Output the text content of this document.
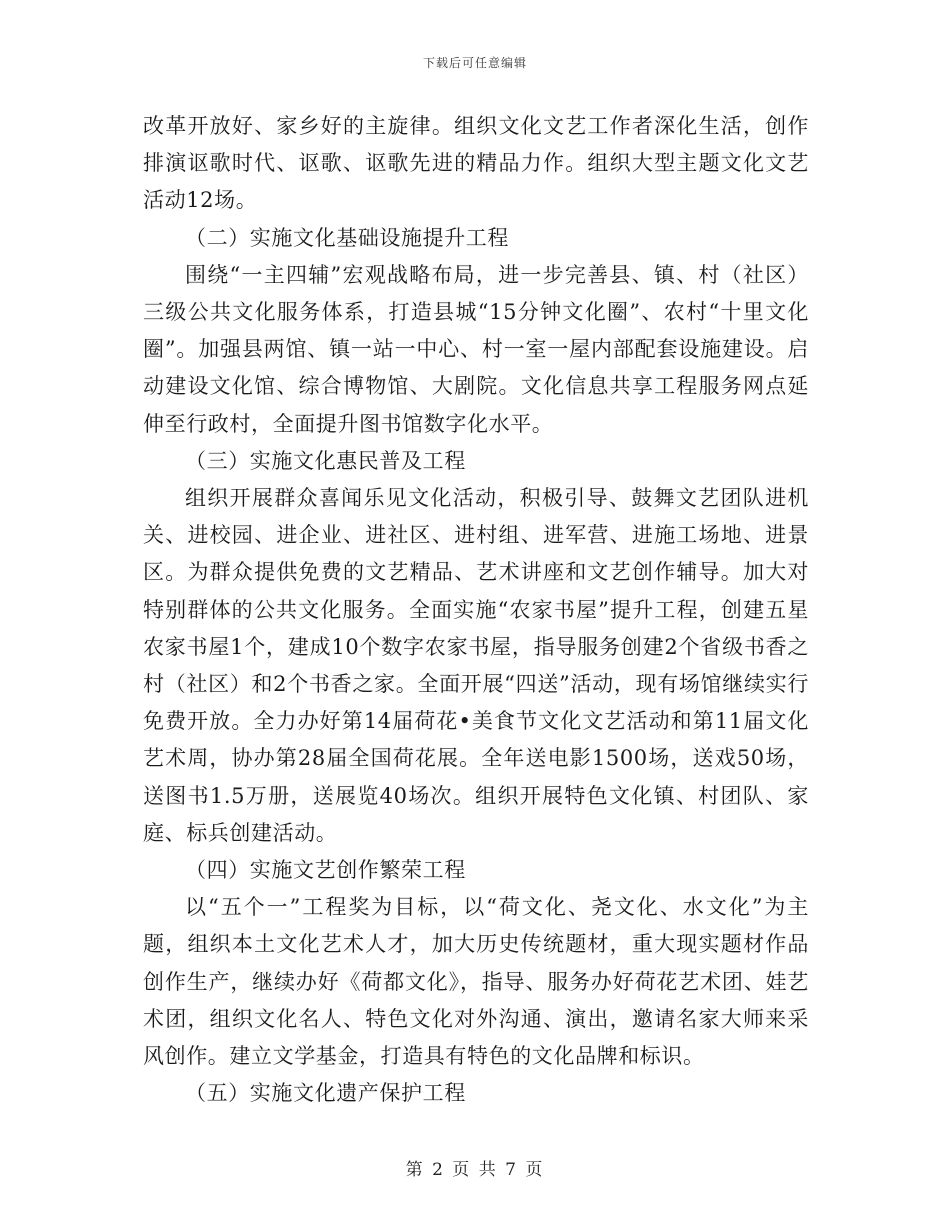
下载后可任意编辑

改革开放好、家乡好的主旋律。组织文化文艺工作者深化生活，创作排演讴歌时代、讴歌、讴歌先进的精品力作。组织大型主题文化文艺活动12场。

（二）实施文化基础设施提升工程

围绕“一主四辅”宏观战略布局，进一步完善县、镇、村（社区）三级公共文化服务体系，打造县城“15分钟文化圈”、农村“十里文化圈”。加强县两馆、镇一站一中心、村一室一屋内部配套设施建设。启动建设文化馆、综合博物馆、大剧院。文化信息共享工程服务网点延伸至行政村，全面提升图书馆数字化水平。

（三）实施文化惠民普及工程

组织开展群众喜闻乐见文化活动，积极引导、鼓舞文艺团队进机关、进校园、进企业、进社区、进村组、进军营、进施工场地、进景区。为群众提供免费的文艺精品、艺术讲座和文艺创作辅导。加大对特别群体的公共文化服务。全面实施“农家书屋”提升工程，创建五星农家书屋1个，建成10个数字农家书屋，指导服务创建2个省级书香之村（社区）和2个书香之家。全面开展“四送”活动，现有场馆继续实行免费开放。全力办好第14届荷花•美食节文化文艺活动和第11届文化艺术周，协办第28届全国荷花展。全年送电影1500场，送戏50场，送图书1.5万册，送展览40场次。组织开展特色文化镇、村团队、家庭、标兵创建活动。

（四）实施文艺创作繁荣工程

以“五个一”工程奖为目标，以“荷文化、尧文化、水文化”为主题，组织本土文化艺术人才，加大历史传统题材，重大现实题材作品创作生产，继续办好《荷都文化》，指导、服务办好荷花艺术团、娃艺术团，组织文化名人、特色文化对外沟通、演出，邀请名家大师来采风创作。建立文学基金，打造具有特色的文化品牌和标识。

（五）实施文化遗产保护工程

第 2 页 共 7 页
